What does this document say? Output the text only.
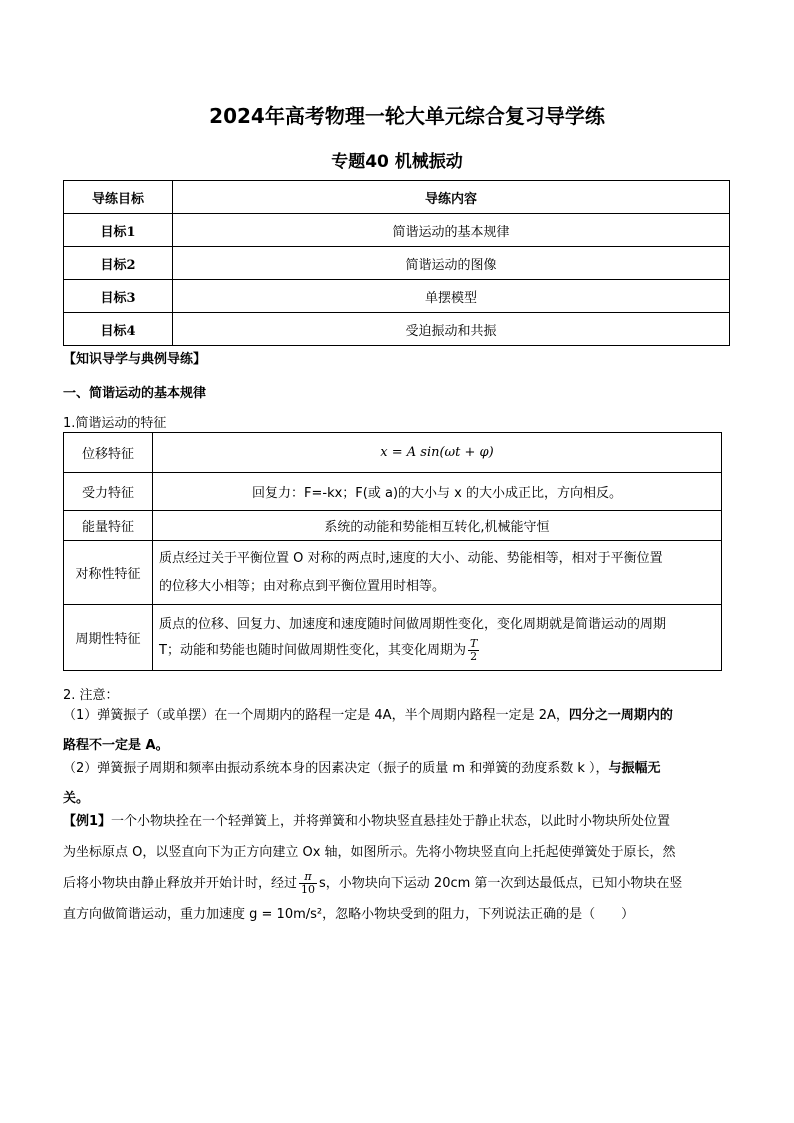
2024年高考物理一轮大单元综合复习导学练
专题40 机械振动
导练目标	导练内容
目标1	简谐运动的基本规律
目标2	简谐运动的图像
目标3	单摆模型
目标4	受迫振动和共振
【知识导学与典例导练】
一、简谐运动的基本规律
1.简谐运动的特征
位移特征	x = A sin(ωt + φ)
受力特征	回复力：F=-kx；F(或 a)的大小与 x 的大小成正比，方向相反。
能量特征	系统的动能和势能相互转化,机械能守恒
对称性特征	质点经过关于平衡位置 O 对称的两点时,速度的大小、动能、势能相等，相对于平衡位置
的位移大小相等；由对称点到平衡位置用时相等。

周期性特征	质点的位移、回复力、加速度和速度随时间做周期性变化，变化周期就是简谐运动的周期
T；动能和势能也随时间做周期性变化，其变化周期为 $\frac{T}{2}$
2. 注意：
（1）弹簧振子（或单摆）在一个周期内的路程一定是 4A，半个周期内路程一定是 2A，四分之一周期内的
路程不一定是 A。
（2）弹簧振子周期和频率由振动系统本身的因素决定（振子的质量 m 和弹簧的劲度系数 k ），与振幅无
关。
【例1】一个小物块拴在一个轻弹簧上，并将弹簧和小物块竖直悬挂处于静止状态，以此时小物块所处位置
为坐标原点 O，以竖直向下为正方向建立 Ox 轴，如图所示。先将小物块竖直向上托起使弹簧处于原长，然
后将小物块由静止释放并开始计时，经过 $\frac{\pi}{10}$ s，小物块向下运动 20cm 第一次到达最低点，已知小物块在竖
直方向做简谐运动，重力加速度 g = 10m/s²，忽略小物块受到的阻力，下列说法正确的是（　　）
